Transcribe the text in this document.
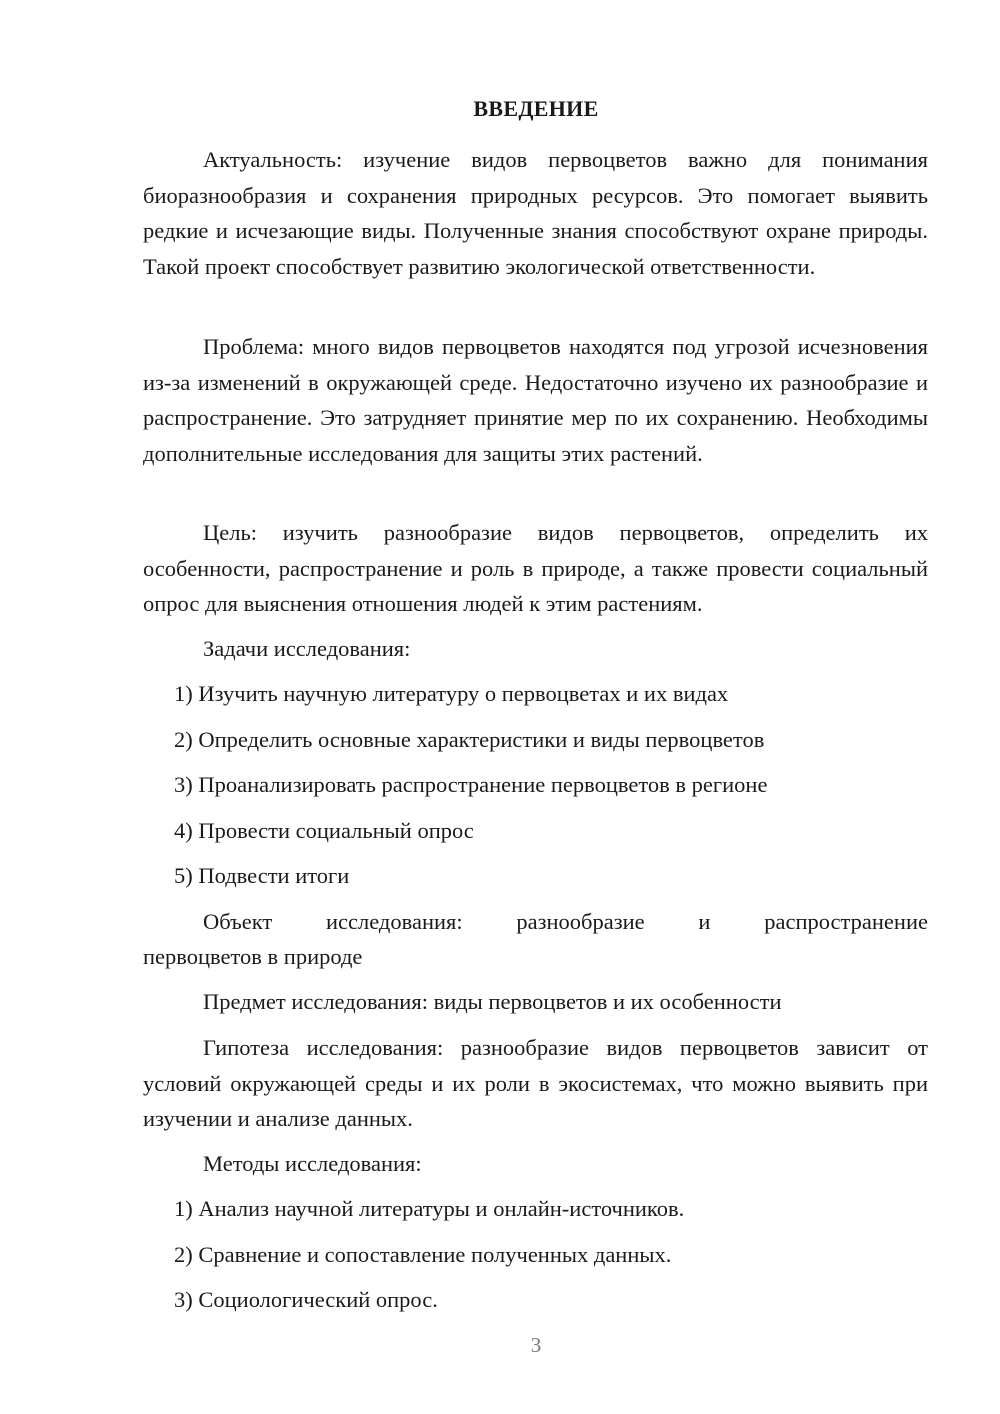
ВВЕДЕНИЕ

Актуальность: изучение видов первоцветов важно для понимания биоразнообразия и сохранения природных ресурсов. Это помогает выявить редкие и исчезающие виды. Полученные знания способствуют охране природы. Такой проект способствует развитию экологической ответственности.

Проблема: много видов первоцветов находятся под угрозой исчезновения из-за изменений в окружающей среде. Недостаточно изучено их разнообразие и распространение. Это затрудняет принятие мер по их сохранению. Необходимы дополнительные исследования для защиты этих растений.

Цель: изучить разнообразие видов первоцветов, определить их особенности, распространение и роль в природе, а также провести социальный опрос для выяснения отношения людей к этим растениям.

Задачи исследования:
1) Изучить научную литературу о первоцветах и их видах
2) Определить основные характеристики и виды первоцветов
3) Проанализировать распространение первоцветов в регионе
4) Провести социальный опрос
5) Подвести итоги
Объект исследования: разнообразие и распространение
первоцветов в природе
Предмет исследования: виды первоцветов и их особенности

Гипотеза исследования: разнообразие видов первоцветов зависит от условий окружающей среды и их роли в экосистемах, что можно выявить при изучении и анализе данных.

Методы исследования:
1) Анализ научной литературы и онлайн-источников.
2) Сравнение и сопоставление полученных данных.
3) Социологический опрос.
3
